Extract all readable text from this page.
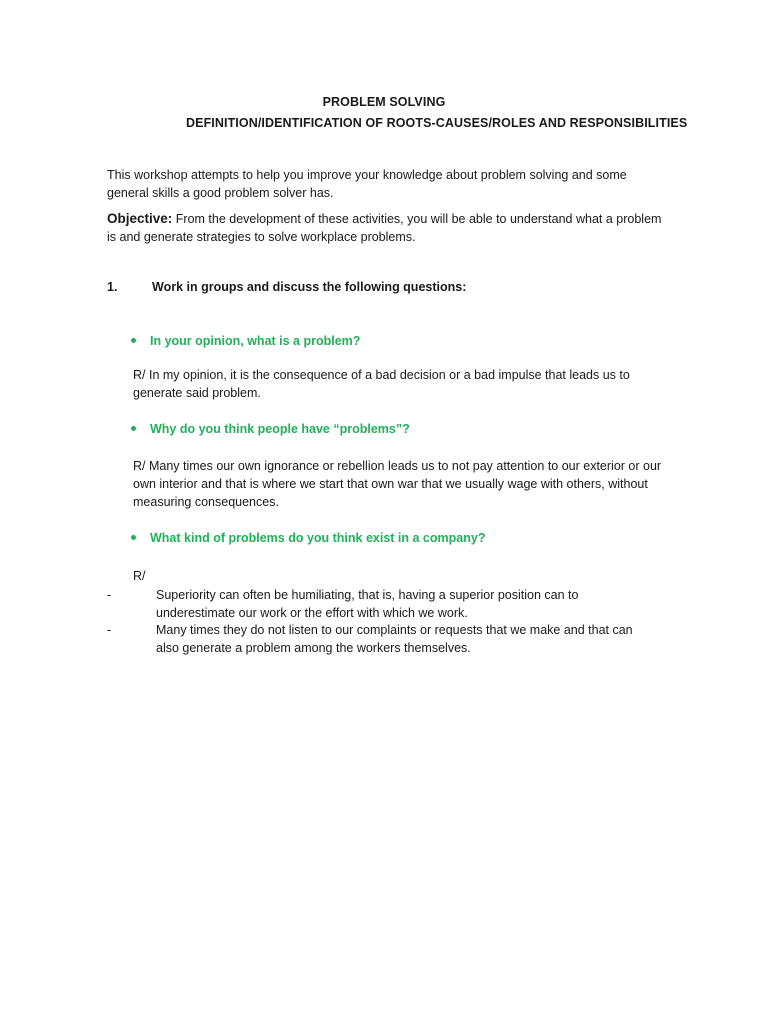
PROBLEM SOLVING
DEFINITION/IDENTIFICATION OF ROOTS-CAUSES/ROLES AND RESPONSIBILITIES
This workshop attempts to help you improve your knowledge about problem solving and some general skills a good problem solver has.
Objective: From the development of these activities, you will be able to understand what a problem is and generate strategies to solve workplace problems.
1.	Work in groups and discuss the following questions:
In your opinion, what is a problem?
R/ In my opinion, it is the consequence of a bad decision or a bad impulse that leads us to generate said problem.
Why do you think people have “problems”?
R/ Many times our own ignorance or rebellion leads us to not pay attention to our exterior or our own interior and that is where we start that own war that we usually wage with others, without measuring consequences.
What kind of problems do you think exist in a company?
R/
-	Superiority can often be humiliating, that is, having a superior position can to underestimate our work or the effort with which we work.
-	Many times they do not listen to our complaints or requests that we make and that can also generate a problem among the workers themselves.
